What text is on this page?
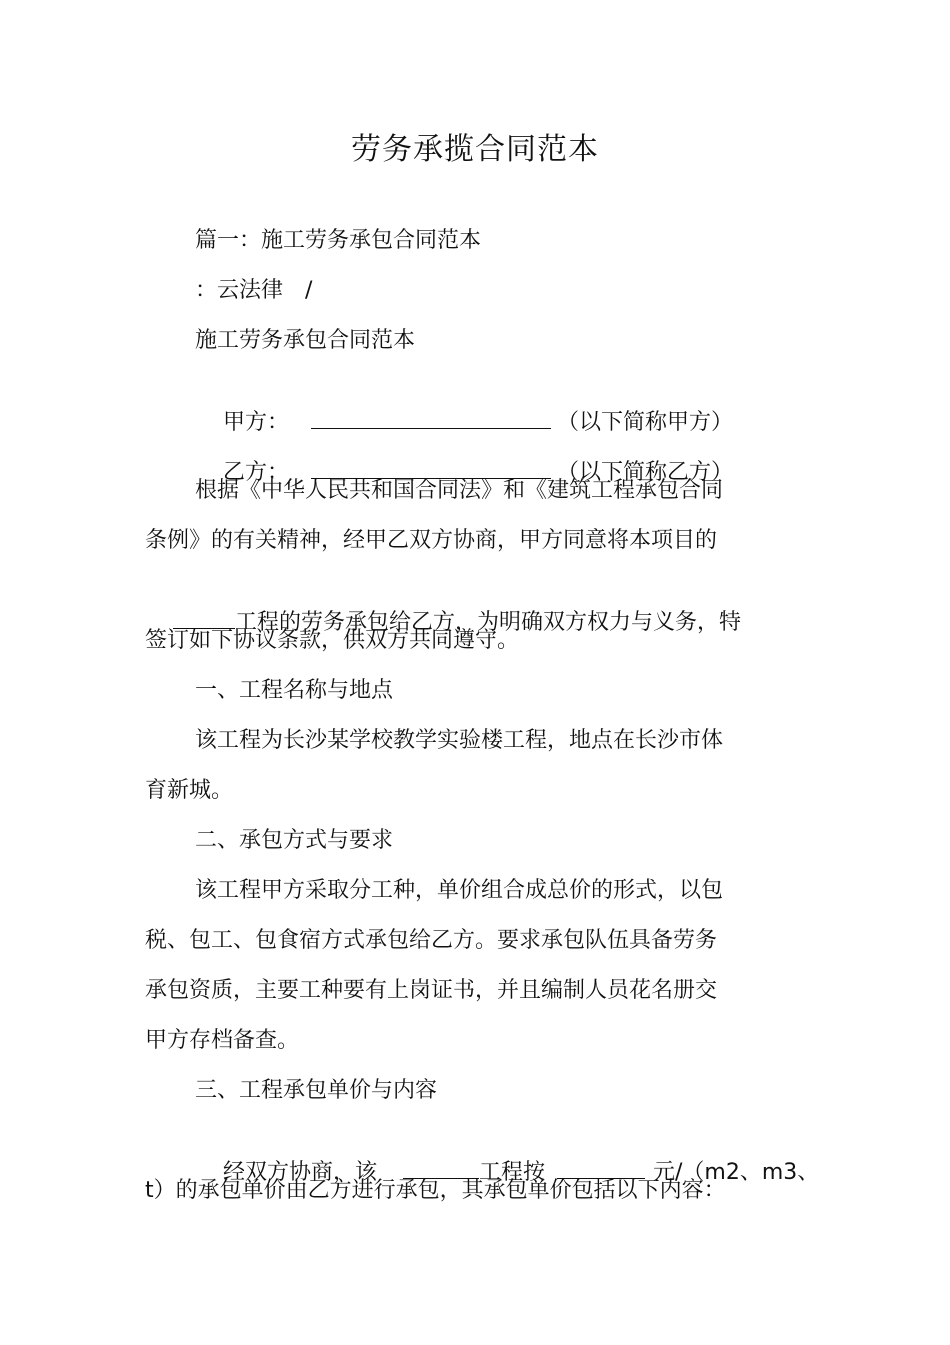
劳务承揽合同范本
篇一：施工劳务承包合同范本
：云法律　/
施工劳务承包合同范本

甲方：	（以下简称甲方）

乙方：	（以下简称乙方）

根据《中华人民共和国合同法》和《建筑工程承包合同
条例》的有关精神，经甲乙双方协商，甲方同意将本项目的

工程的劳务承包给乙方，为明确双方权力与义务，特

签订如下协议条款，供双方共同遵守。
一、工程名称与地点
该工程为长沙某学校教学实验楼工程，地点在长沙市体
育新城。
二、承包方式与要求
该工程甲方采取分工种，单价组合成总价的形式，以包
税、包工、包食宿方式承包给乙方。要求承包队伍具备劳务
承包资质，主要工种要有上岗证书，并且编制人员花名册交
甲方存档备查。
三、工程承包单价与内容

经双方协商，该	工程按	元/（m2、m3、

t）的承包单价由乙方进行承包，其承包单价包括以下内容：
